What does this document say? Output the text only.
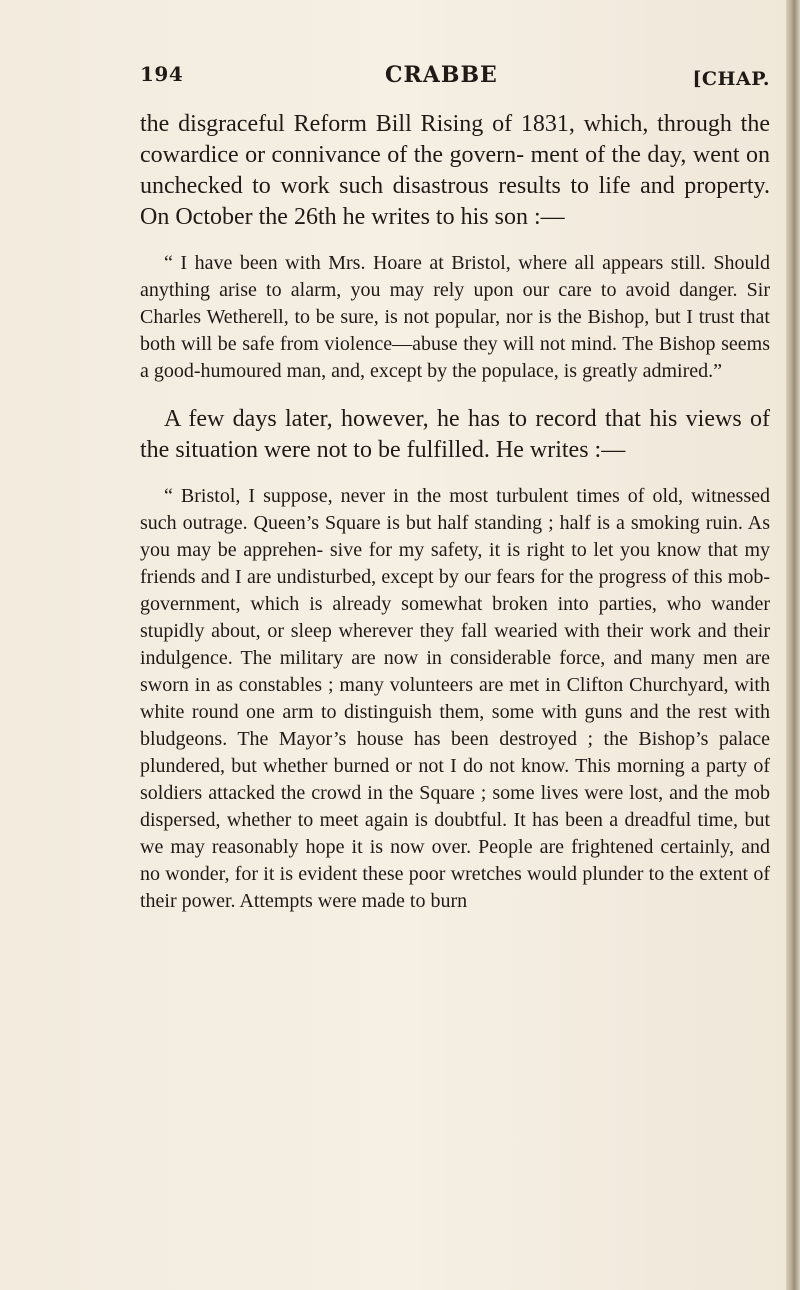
194	CRABBE	[CHAP.

the disgraceful Reform Bill Rising of 1831, which, through the cowardice or connivance of the govern- ment of the day, went on unchecked to work such disastrous results to life and property. On October the 26th he writes to his son :—

“ I have been with Mrs. Hoare at Bristol, where all appears still. Should anything arise to alarm, you may rely upon our care to avoid danger. Sir Charles Wetherell, to be sure, is not popular, nor is the Bishop, but I trust that both will be safe from violence—abuse they will not mind. The Bishop seems a good-humoured man, and, except by the populace, is greatly admired.”

A few days later, however, he has to record that his views of the situation were not to be fulfilled. He writes :—

“ Bristol, I suppose, never in the most turbulent times of old, witnessed such outrage. Queen’s Square is but half standing ; half is a smoking ruin. As you may be apprehen- sive for my safety, it is right to let you know that my friends and I are undisturbed, except by our fears for the progress of this mob-government, which is already somewhat broken into parties, who wander stupidly about, or sleep wherever they fall wearied with their work and their indulgence. The military are now in considerable force, and many men are sworn in as constables ; many volunteers are met in Clifton Churchyard, with white round one arm to distinguish them, some with guns and the rest with bludgeons. The Mayor’s house has been destroyed ; the Bishop’s palace plundered, but whether burned or not I do not know. This morning a party of soldiers attacked the crowd in the Square ; some lives were lost, and the mob dispersed, whether to meet again is doubtful. It has been a dreadful time, but we may reasonably hope it is now over. People are frightened certainly, and no wonder, for it is evident these poor wretches would plunder to the extent of their power. Attempts were made to burn
